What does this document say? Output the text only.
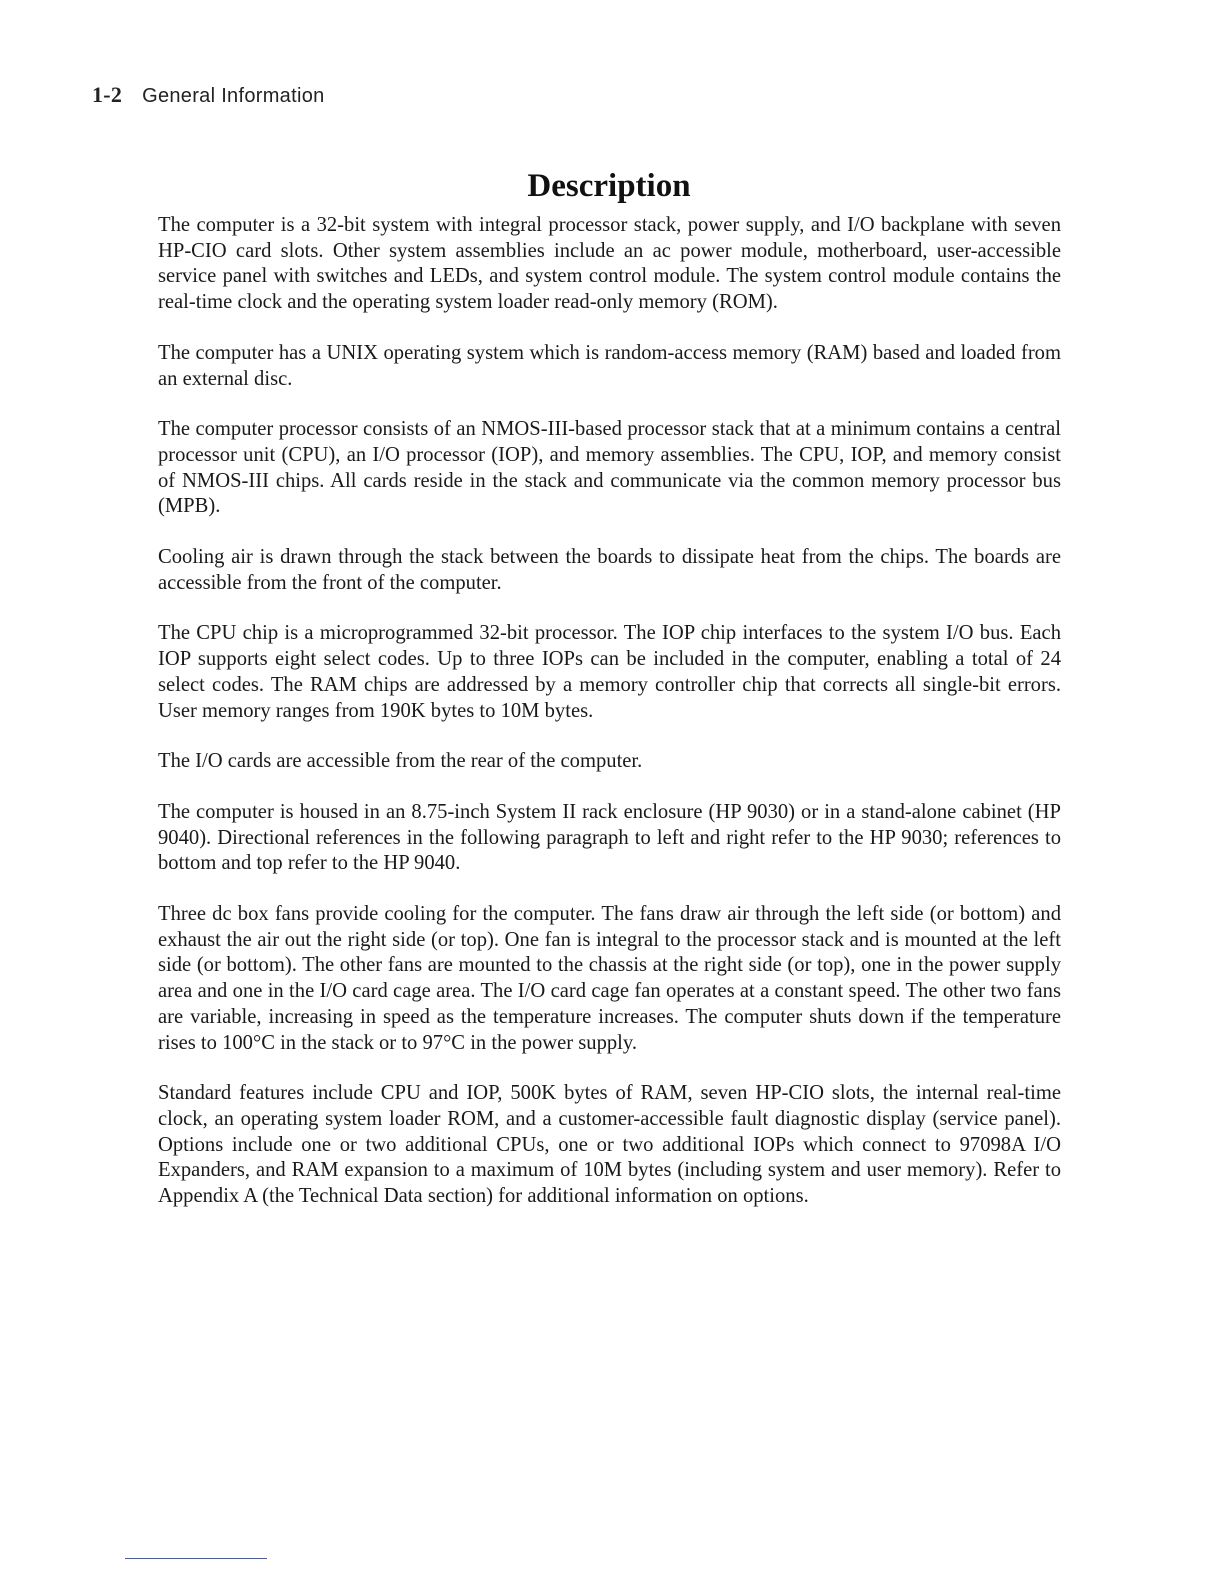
1-2 General Information
Description

The computer is a 32-bit system with integral processor stack, power supply, and I/O backplane with seven HP-CIO card slots. Other system assemblies include an ac power module, motherboard, user-accessible service panel with switches and LEDs, and system control module. The system control module contains the real-time clock and the operating system loader read-only memory (ROM).

The computer has a UNIX operating system which is random-access memory (RAM) based and loaded from an external disc.

The computer processor consists of an NMOS-III-based processor stack that at a minimum contains a central processor unit (CPU), an I/O processor (IOP), and memory assemblies. The CPU, IOP, and memory consist of NMOS-III chips. All cards reside in the stack and communicate via the common memory processor bus (MPB).

Cooling air is drawn through the stack between the boards to dissipate heat from the chips. The boards are accessible from the front of the computer.

The CPU chip is a microprogrammed 32-bit processor. The IOP chip interfaces to the system I/O bus. Each IOP supports eight select codes. Up to three IOPs can be included in the computer, enabling a total of 24 select codes. The RAM chips are addressed by a memory controller chip that corrects all single-bit errors. User memory ranges from 190K bytes to 10M bytes.

The I/O cards are accessible from the rear of the computer.

The computer is housed in an 8.75-inch System II rack enclosure (HP 9030) or in a stand-alone cabinet (HP 9040). Directional references in the following paragraph to left and right refer to the HP 9030; references to bottom and top refer to the HP 9040.

Three dc box fans provide cooling for the computer. The fans draw air through the left side (or bottom) and exhaust the air out the right side (or top). One fan is integral to the processor stack and is mounted at the left side (or bottom). The other fans are mounted to the chassis at the right side (or top), one in the power supply area and one in the I/O card cage area. The I/O card cage fan operates at a constant speed. The other two fans are variable, increasing in speed as the temperature increases. The computer shuts down if the temperature rises to 100°C in the stack or to 97°C in the power supply.

Standard features include CPU and IOP, 500K bytes of RAM, seven HP-CIO slots, the internal real-time clock, an operating system loader ROM, and a customer-accessible fault diagnostic display (service panel). Options include one or two additional CPUs, one or two additional IOPs which connect to 97098A I/O Expanders, and RAM expansion to a maximum of 10M bytes (including system and user memory). Refer to Appendix A (the Technical Data section) for additional information on options.
